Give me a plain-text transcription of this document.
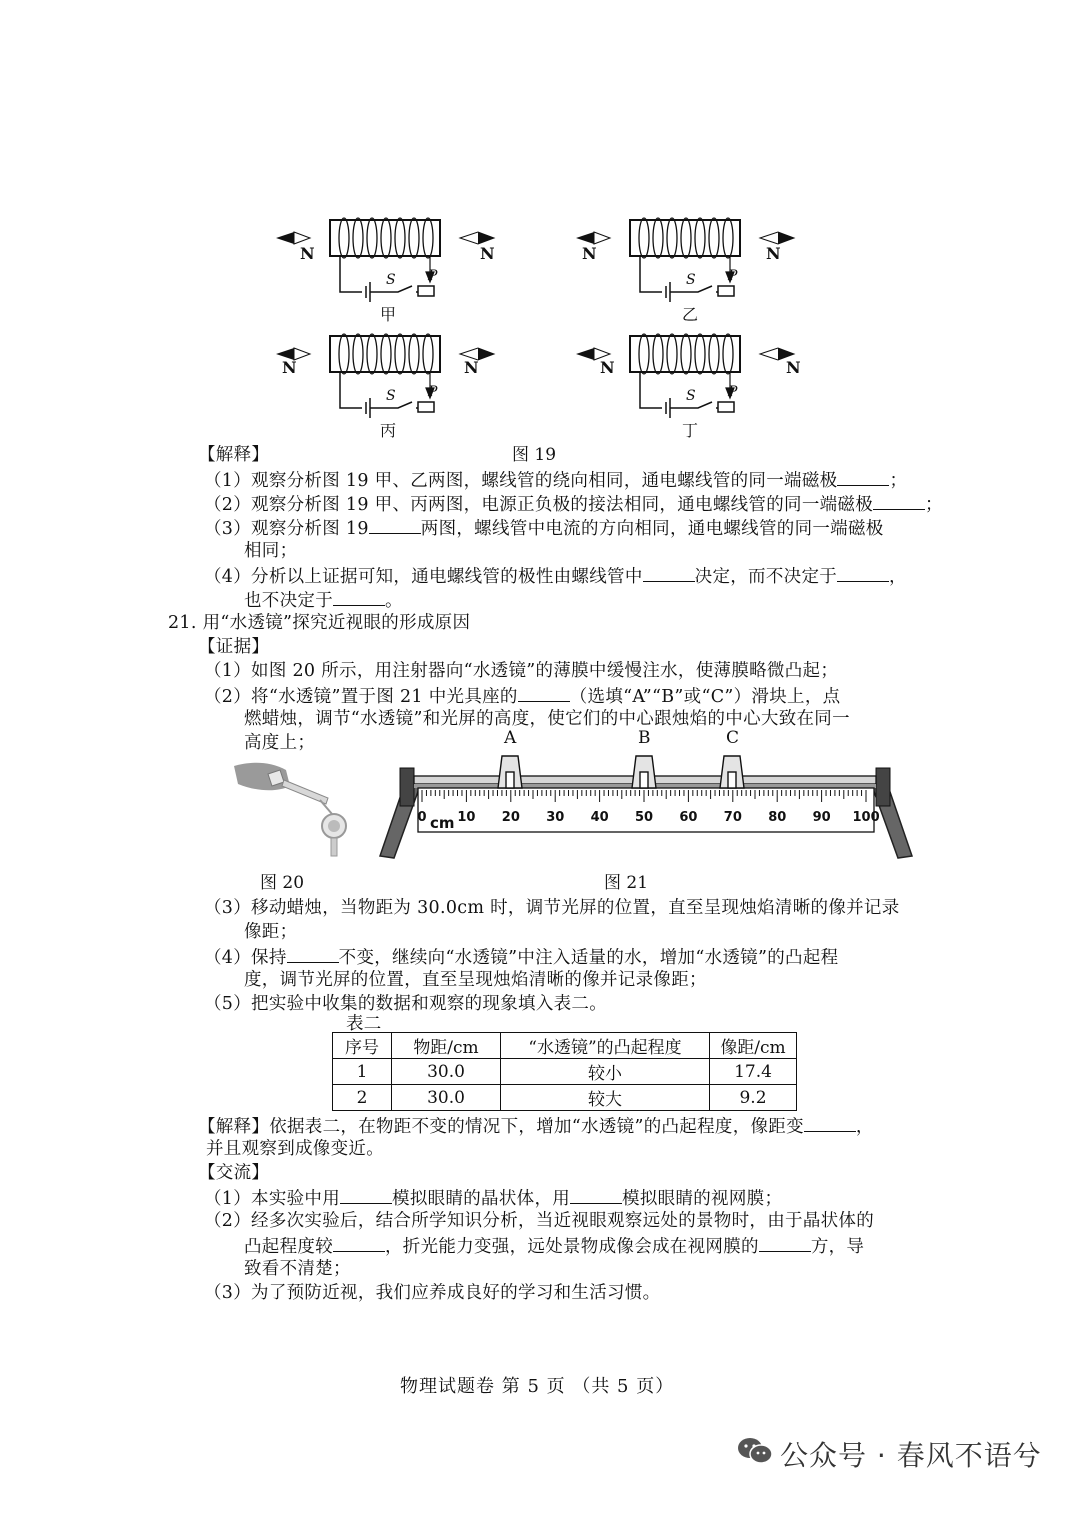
N	N	N	N
N	N	N	N
S P	S P
S P	S P
甲	乙
丙	丁
图 19
【解释】
（1）观察分析图 19 甲、乙两图，螺线管的绕向相同，通电螺线管的同一端磁极	；
（2）观察分析图 19 甲、丙两图，电源正负极的接法相同，通电螺线管的同一端磁极	；
（3）观察分析图 19	两图，螺线管中电流的方向相同，通电螺线管的同一端磁极
相同；
（4）分析以上证据可知，通电螺线管的极性由螺线管中	决定，而不决定于	，
也不决定于	。
21. 用“水透镜”探究近视眼的形成原因
【证据】
（1）如图 20 所示，用注射器向“水透镜”的薄膜中缓慢注水，使薄膜略微凸起；
（2）将“水透镜”置于图 21 中光具座的	（选填“A”“B”或“C”）滑块上，点
燃蜡烛，调节“水透镜”和光屏的高度，使它们的中心跟烛焰的中心大致在同一
高度上；	A	B	C
0 10 20 30 40 50 60 70 80 90 100
cm
图 20	图 21
（3）移动蜡烛，当物距为 30.0cm 时，调节光屏的位置，直至呈现烛焰清晰的像并记录
像距；
（4）保持	不变，继续向“水透镜”中注入适量的水，增加“水透镜”的凸起程
度，调节光屏的位置，直至呈现烛焰清晰的像并记录像距；
（5）把实验中收集的数据和观察的现象填入表二。
表二
序号	物距/cm	“水透镜”的凸起程度	像距/cm
1	30.0	较小	17.4
2	30.0	较大	9.2
【解释】依据表二，在物距不变的情况下，增加“水透镜”的凸起程度，像距变	，
并且观察到成像变近。
【交流】
（1）本实验中用	模拟眼睛的晶状体，用	模拟眼睛的视网膜；
（2）经多次实验后，结合所学知识分析，当近视眼观察远处的景物时，由于晶状体的
凸起程度较	，折光能力变强，远处景物成像会成在视网膜的	方，导
致看不清楚；
（3）为了预防近视，我们应养成良好的学习和生活习惯。
物理试题卷 第 5 页 （共 5 页）
公众号 · 春风不语兮
